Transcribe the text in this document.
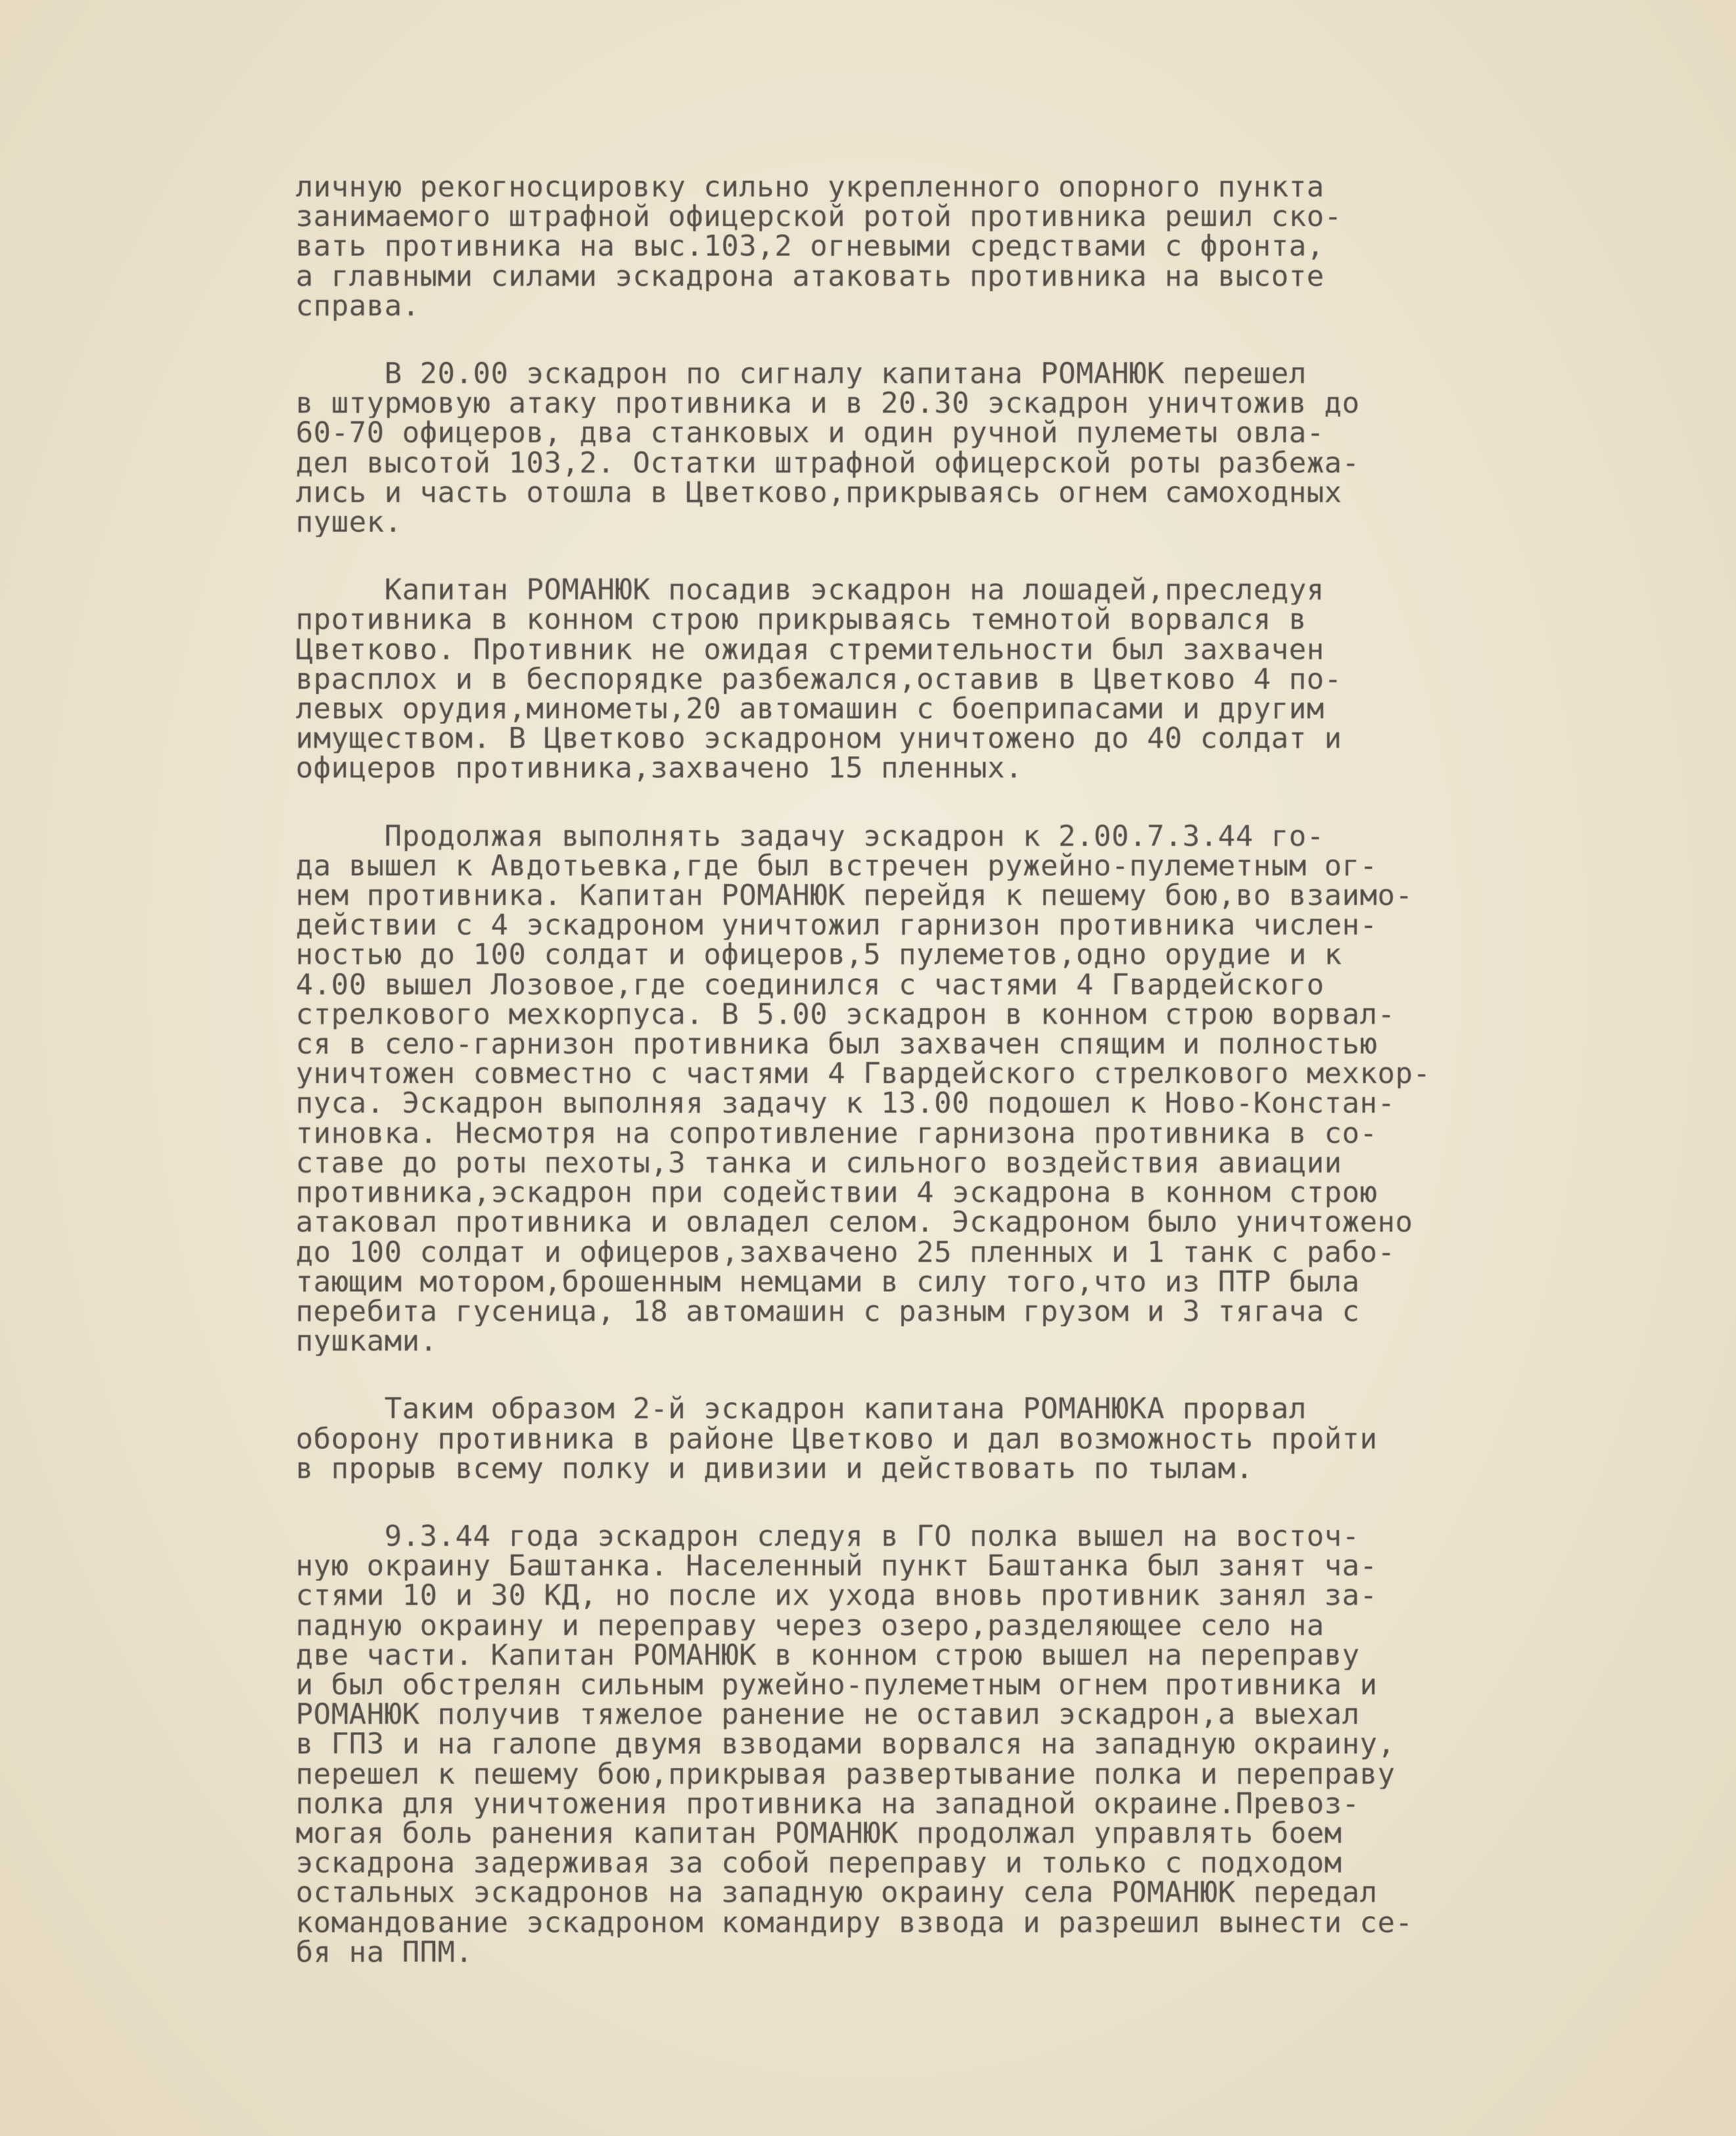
личную рекогносцировку сильно укрепленного опорного пункта
занимаемого штрафной офицерской ротой противника решил ско-
вать противника на выс.103,2 огневыми средствами с фронта,
а главными силами эскадрона атаковать противника на высоте
справа.
В 20.00 эскадрон по сигналу капитана РОМАНЮК перешел
в штурмовую атаку противника и в 20.30 эскадрон уничтожив до
60-70 офицеров, два станковых и один ручной пулеметы овла-
дел высотой 103,2. Остатки штрафной офицерской роты разбежа-
лись и часть отошла в Цветково,прикрываясь огнем самоходных
пушек.
Капитан РОМАНЮК посадив эскадрон на лошадей,преследуя
противника в конном строю прикрываясь темнотой ворвался в
Цветково. Противник не ожидая стремительности был захвачен
врасплох и в беспорядке разбежался,оставив в Цветково 4 по-
левых орудия,минометы,20 автомашин с боеприпасами и другим
имуществом. В Цветково эскадроном уничтожено до 40 солдат и
офицеров противника,захвачено 15 пленных.
Продолжая выполнять задачу эскадрон к 2.00.7.3.44 го-
да вышел к Авдотьевка,где был встречен ружейно-пулеметным ог-
нем противника. Капитан РОМАНЮК перейдя к пешему бою,во взаимо-
действии с 4 эскадроном уничтожил гарнизон противника числен-
ностью до 100 солдат и офицеров,5 пулеметов,одно орудие и к
4.00 вышел Лозовое,где соединился с частями 4 Гвардейского
стрелкового мехкорпуса. В 5.00 эскадрон в конном строю ворвал-
ся в село-гарнизон противника был захвачен спящим и полностью
уничтожен совместно с частями 4 Гвардейского стрелкового мехкор-
пуса. Эскадрон выполняя задачу к 13.00 подошел к Ново-Констан-
тиновка. Несмотря на сопротивление гарнизона противника в со-
ставе до роты пехоты,3 танка и сильного воздействия авиации
противника,эскадрон при содействии 4 эскадрона в конном строю
атаковал противника и овладел селом. Эскадроном было уничтожено
до 100 солдат и офицеров,захвачено 25 пленных и 1 танк с рабо-
тающим мотором,брошенным немцами в силу того,что из ПТР была
перебита гусеница, 18 автомашин с разным грузом и 3 тягача с
пушками.
Таким образом 2-й эскадрон капитана РОМАНЮКА прорвал
оборону противника в районе Цветково и дал возможность пройти
в прорыв всему полку и дивизии и действовать по тылам.
9.3.44 года эскадрон следуя в ГО полка вышел на восточ-
ную окраину Баштанка. Населенный пункт Баштанка был занят ча-
стями 10 и 30 КД, но после их ухода вновь противник занял за-
падную окраину и переправу через озеро,разделяющее село на
две части. Капитан РОМАНЮК в конном строю вышел на переправу
и был обстрелян сильным ружейно-пулеметным огнем противника и
РОМАНЮК получив тяжелое ранение не оставил эскадрон,а выехал
в ГПЗ и на галопе двумя взводами ворвался на западную окраину,
перешел к пешему бою,прикрывая развертывание полка и переправу
полка для уничтожения противника на западной окраине.Превоз-
могая боль ранения капитан РОМАНЮК продолжал управлять боем
эскадрона задерживая за собой переправу и только с подходом
остальных эскадронов на западную окраину села РОМАНЮК передал
командование эскадроном командиру взвода и разрешил вынести се-
бя на ППМ.
